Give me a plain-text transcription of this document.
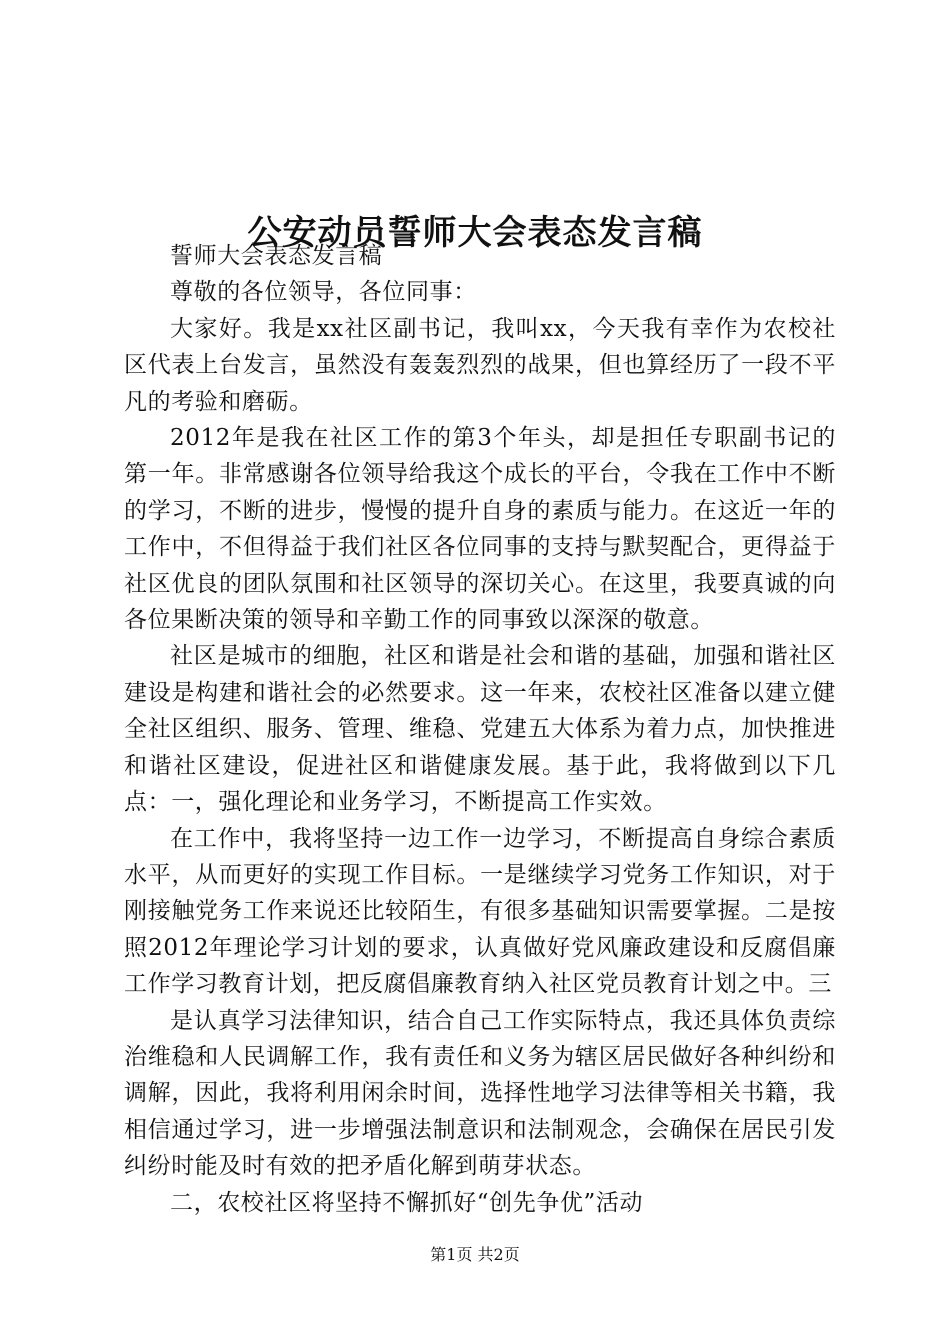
公安动员誓师大会表态发言稿

誓师大会表态发言稿

尊敬的各位领导，各位同事：

大家好。我是xx社区副书记，我叫xx，今天我有幸作为农校社区代表上台发言，虽然没有轰轰烈烈的战果，但也算经历了一段不平凡的考验和磨砺。

2012年是我在社区工作的第3个年头，却是担任专职副书记的第一年。非常感谢各位领导给我这个成长的平台，令我在工作中不断的学习，不断的进步，慢慢的提升自身的素质与能力。在这近一年的工作中，不但得益于我们社区各位同事的支持与默契配合，更得益于社区优良的团队氛围和社区领导的深切关心。在这里，我要真诚的向各位果断决策的领导和辛勤工作的同事致以深深的敬意。

社区是城市的细胞，社区和谐是社会和谐的基础，加强和谐社区建设是构建和谐社会的必然要求。这一年来，农校社区准备以建立健全社区组织、服务、管理、维稳、党建五大体系为着力点，加快推进和谐社区建设，促进社区和谐健康发展。基于此，我将做到以下几点：一，强化理论和业务学习，不断提高工作实效。

在工作中，我将坚持一边工作一边学习，不断提高自身综合素质水平，从而更好的实现工作目标。一是继续学习党务工作知识，对于刚接触党务工作来说还比较陌生，有很多基础知识需要掌握。二是按照2012年理论学习计划的要求，认真做好党风廉政建设和反腐倡廉工作学习教育计划，把反腐倡廉教育纳入社区党员教育计划之中。三

是认真学习法律知识，结合自己工作实际特点，我还具体负责综治维稳和人民调解工作，我有责任和义务为辖区居民做好各种纠纷和调解，因此，我将利用闲余时间，选择性地学习法律等相关书籍，我相信通过学习，进一步增强法制意识和法制观念，会确保在居民引发纠纷时能及时有效的把矛盾化解到萌芽状态。

二，农校社区将坚持不懈抓好“创先争优”活动

第1页 共2页
